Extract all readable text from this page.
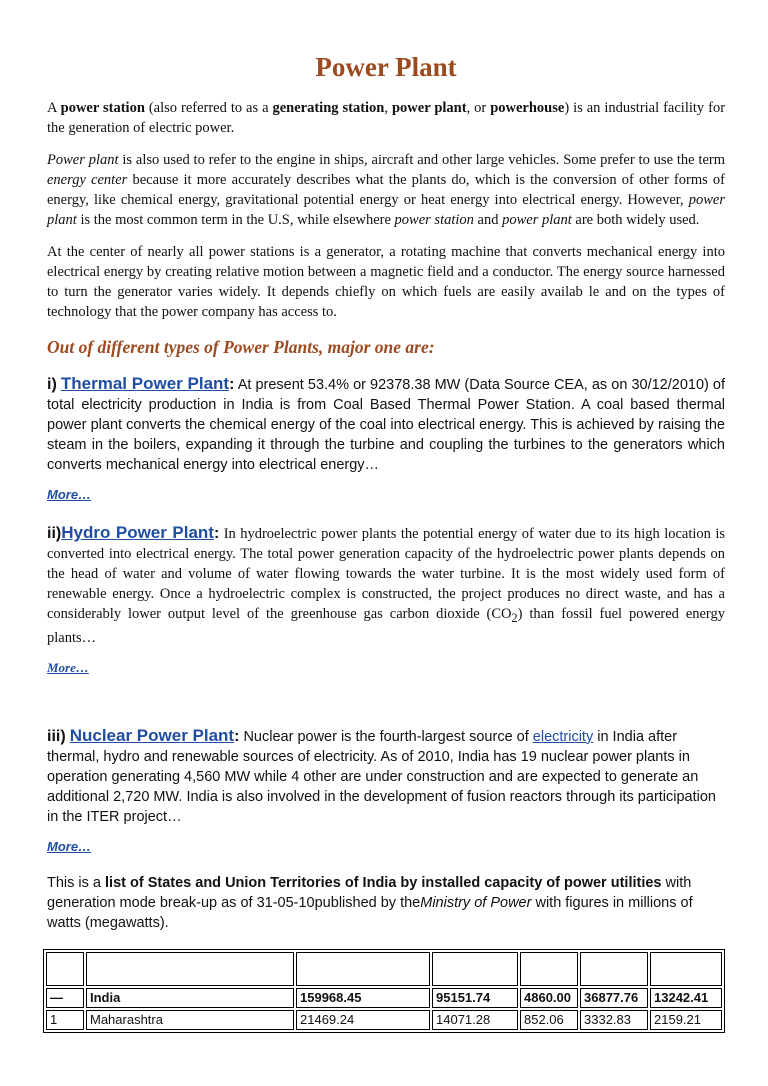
Power Plant

A power station (also referred to as a generating station, power plant, or powerhouse) is an industrial facility for the generation of electric power.

Power plant is also used to refer to the engine in ships, aircraft and other large vehicles. Some prefer to use the term energy center because it more accurately describes what the plants do, which is the conversion of other forms of energy, like chemical energy, gravitational potential energy or heat energy into electrical energy. However, power plant is the most common term in the U.S, while elsewhere power station and power plant are both widely used.

At the center of nearly all power stations is a generator, a rotating machine that converts mechanical energy into electrical energy by creating relative motion between a magnetic field and a conductor. The energy source harnessed to turn the generator varies widely. It depends chiefly on which fuels are easily availab le and on the types of technology that the power company has access to.

Out of different types of Power Plants, major one are:
i) Thermal Power Plant: At present 53.4% or 92378.38 MW (Data Source CEA, as on 30/12/2010) of total electricity production in India is from Coal Based Thermal Power Station. A coal based thermal power plant converts the chemical energy of the coal into electrical energy. This is achieved by raising the steam in the boilers, expanding it through the turbine and coupling the turbines to the generators which converts mechanical energy into electrical energy…
More…
ii)Hydro Power Plant: In hydroelectric power plants the potential energy of water due to its high location is converted into electrical energy. The total power generation capacity of the hydroelectric power plants depends on the head of water and volume of water flowing towards the water turbine. It is the most widely used form of renewable energy. Once a hydroelectric complex is constructed, the project produces no direct waste, and has a considerably lower output level of the greenhouse gas carbon dioxide $(CO_2)$ than fossil fuel powered energy plants…
More…
iii) Nuclear Power Plant: Nuclear power is the fourth-largest source of electricity in India after thermal, hydro and renewable sources of electricity. As of 2010, India has 19 nuclear power plants in operation generating 4,560 MW while 4 other are under construction and are expected to generate an additional 2,720 MW. India is also involved in the development of fusion reactors through its participation in the ITER project…
More…
This is a list of States and Union Territories of India by installed capacity of power utilities with generation mode break-up as of 31-05-10published by theMinistry of Power with figures in millions of watts (megawatts).

—	India	159968.45	95151.74	4860.00	36877.76	13242.41
1	Maharashtra	21469.24	14071.28	852.06	3332.83	2159.21
